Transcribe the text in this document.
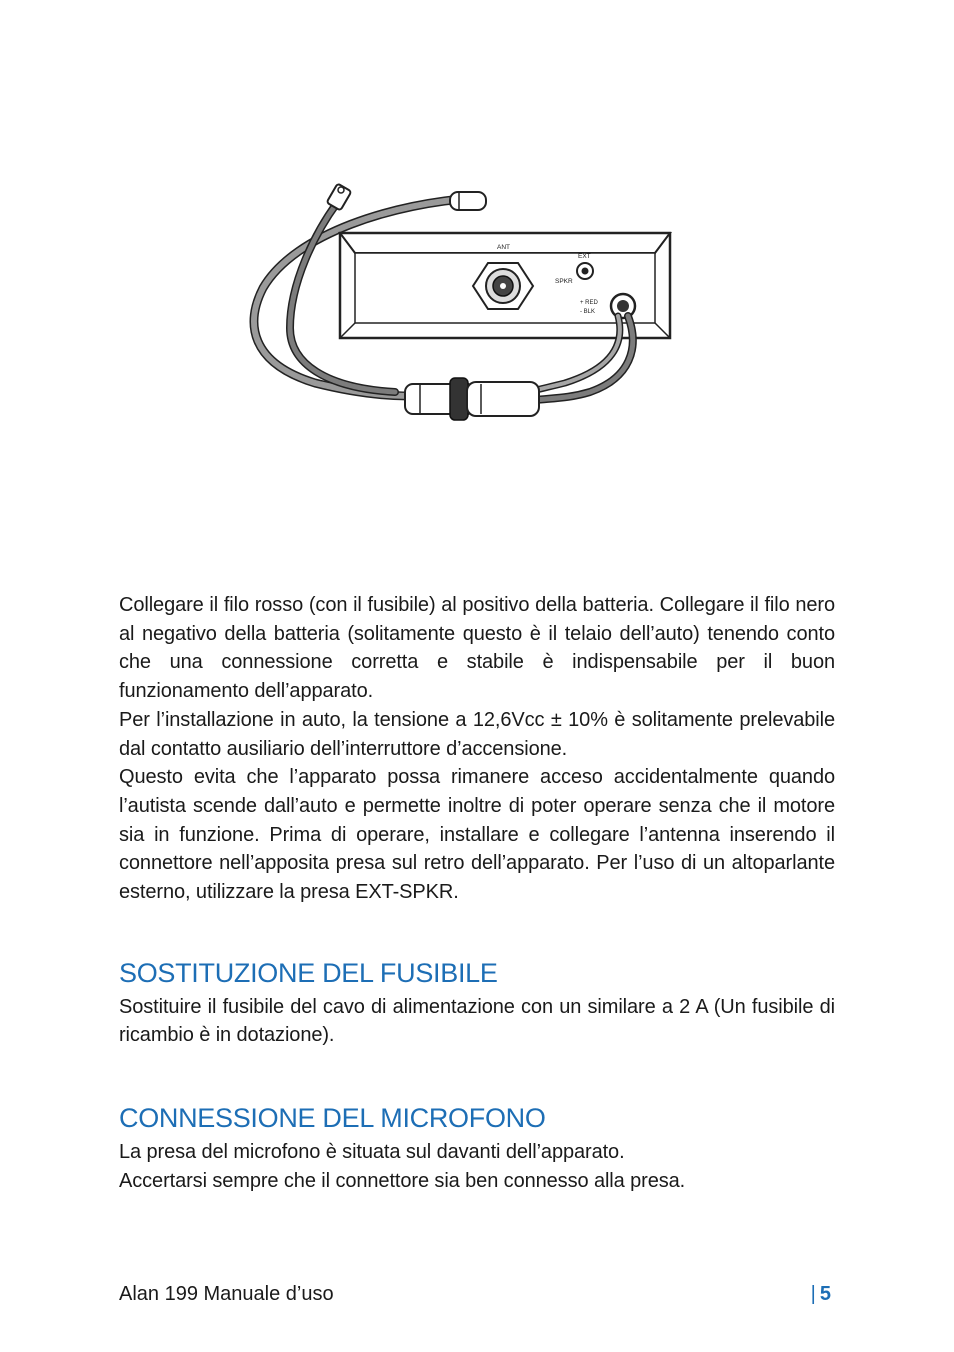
ANT
EXT
SPKR
+ RED
- BLK

Collegare il filo rosso (con il fusibile) al positivo della batteria. Collegare il filo nero al negativo della batteria (solitamente questo è il telaio dell’auto) tenendo conto che una connessione corretta e stabile è indispensabile per il buon funzionamento dell’apparato.

Per l’installazione in auto, la tensione a 12,6Vcc ± 10% è solitamente prelevabile dal contatto ausiliario dell’interruttore d’accensione.

Questo evita che l’apparato possa rimanere acceso accidentalmente quando l’autista scende dall’auto e permette inoltre di poter operare senza che il motore sia in funzione. Prima di operare, installare e collegare l’antenna inserendo il connettore nell’apposita presa sul retro dell’apparato. Per l’uso di un altoparlante esterno, utilizzare la presa EXT-SPKR.

SOSTITUZIONE DEL FUSIBILE

Sostituire il fusibile del cavo di alimentazione con un similare a 2 A (Un fusibile di ricambio è in dotazione).

CONNESSIONE DEL MICROFONO

La presa del microfono è situata sul davanti dell’apparato.

Accertarsi sempre che il connettore sia ben connesso alla presa.

Alan 199 Manuale d’uso	| 5
